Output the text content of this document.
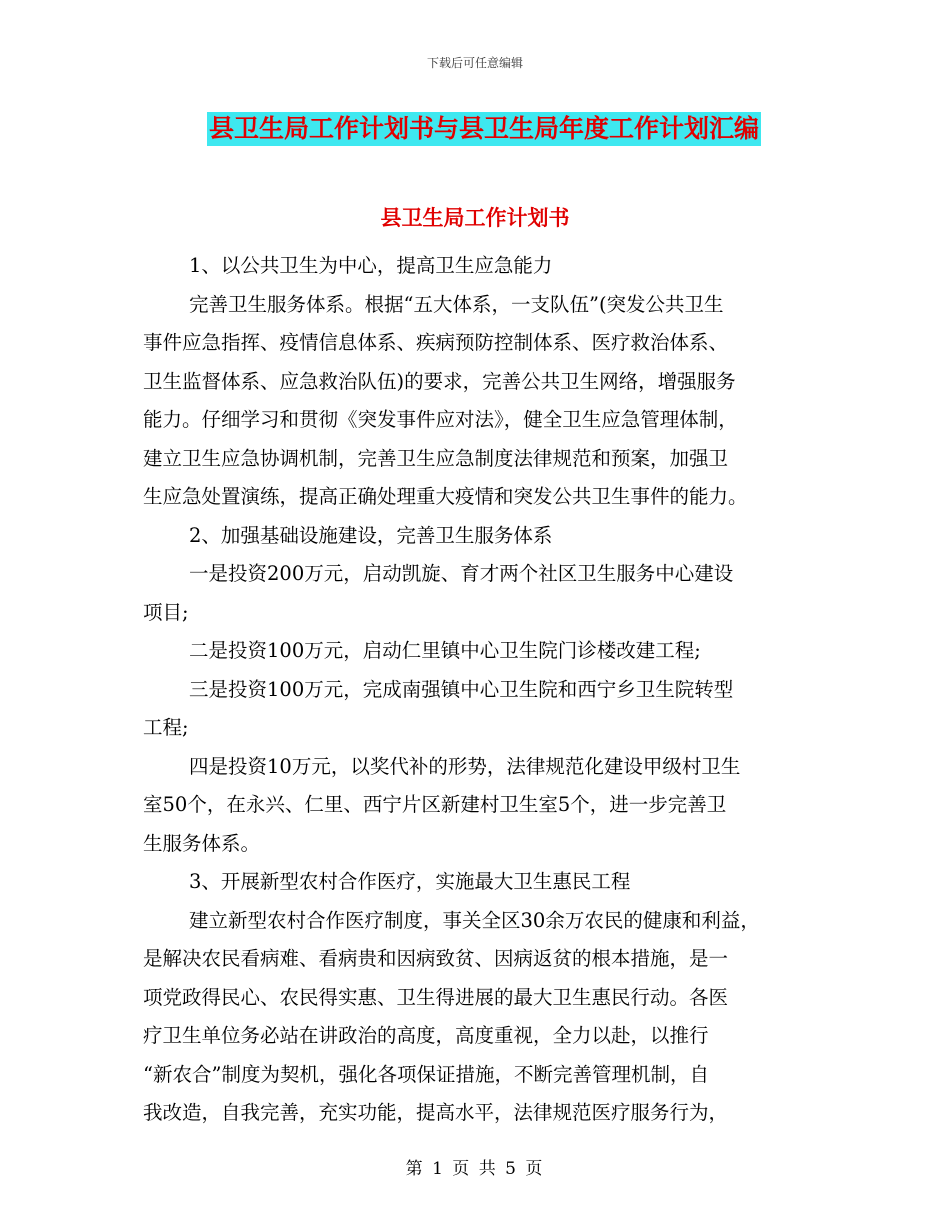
下载后可任意编辑
县卫生局工作计划书与县卫生局年度工作计划汇编
县卫生局工作计划书
1、以公共卫生为中心，提高卫生应急能力
完善卫生服务体系。根据“五大体系，一支队伍”(突发公共卫生
事件应急指挥、疫情信息体系、疾病预防控制体系、医疗救治体系、
卫生监督体系、应急救治队伍)的要求，完善公共卫生网络，增强服务
能力。仔细学习和贯彻《突发事件应对法》，健全卫生应急管理体制，
建立卫生应急协调机制，完善卫生应急制度法律规范和预案，加强卫
生应急处置演练，提高正确处理重大疫情和突发公共卫生事件的能力。
2、加强基础设施建设，完善卫生服务体系
一是投资200万元，启动凯旋、育才两个社区卫生服务中心建设
项目;
二是投资100万元，启动仁里镇中心卫生院门诊楼改建工程;
三是投资100万元，完成南强镇中心卫生院和西宁乡卫生院转型
工程;
四是投资10万元，以奖代补的形势，法律规范化建设甲级村卫生
室50个，在永兴、仁里、西宁片区新建村卫生室5个，进一步完善卫
生服务体系。
3、开展新型农村合作医疗，实施最大卫生惠民工程
建立新型农村合作医疗制度，事关全区30余万农民的健康和利益，
是解决农民看病难、看病贵和因病致贫、因病返贫的根本措施，是一
项党政得民心、农民得实惠、卫生得进展的最大卫生惠民行动。各医
疗卫生单位务必站在讲政治的高度，高度重视，全力以赴，以推行
“新农合”制度为契机，强化各项保证措施，不断完善管理机制，自
我改造，自我完善，充实功能，提高水平，法律规范医疗服务行为，
第 1 页 共 5 页
